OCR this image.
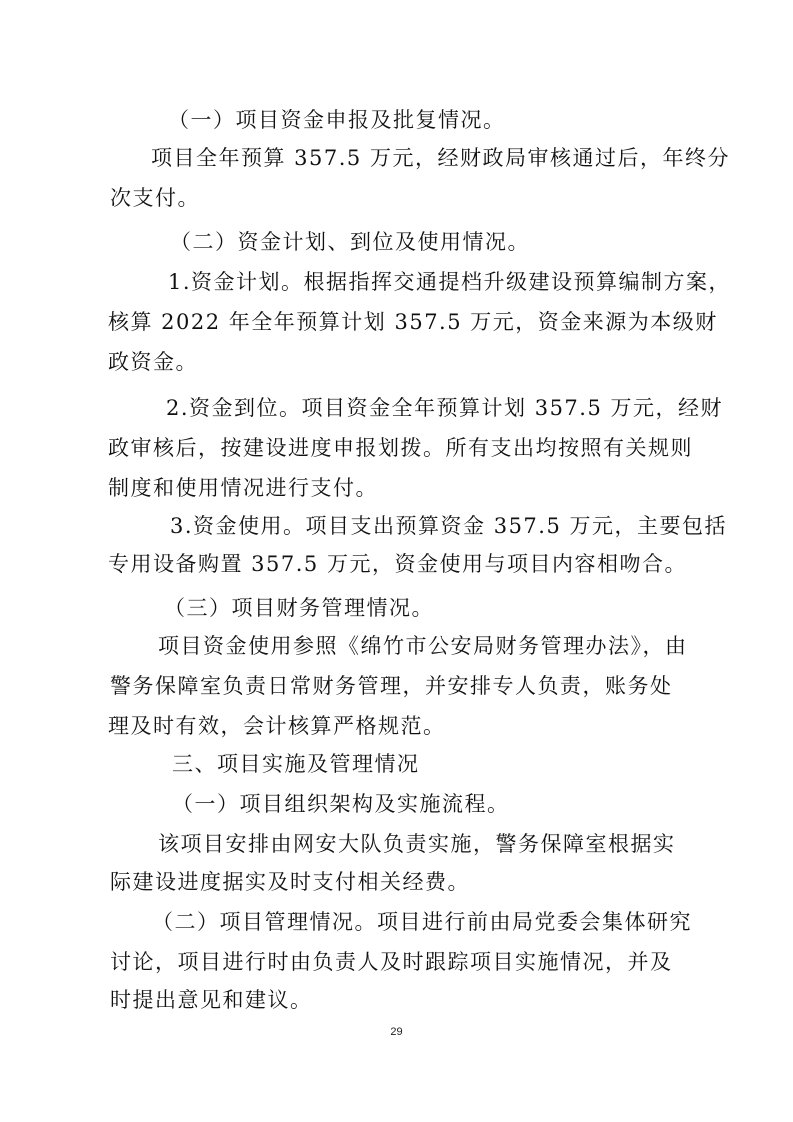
（一）项目资金申报及批复情况。
项目全年预算 357.5 万元，经财政局审核通过后，年终分
次支付。
（二）资金计划、到位及使用情况。
1.资金计划。根据指挥交通提档升级建设预算编制方案，
核算 2022 年全年预算计划 357.5 万元，资金来源为本级财
政资金。
2.资金到位。项目资金全年预算计划 357.5 万元，经财
政审核后，按建设进度申报划拨。所有支出均按照有关规则
制度和使用情况进行支付。
3.资金使用。项目支出预算资金 357.5 万元，主要包括
专用设备购置 357.5 万元，资金使用与项目内容相吻合。
（三）项目财务管理情况。
项目资金使用参照《绵竹市公安局财务管理办法》，由
警务保障室负责日常财务管理，并安排专人负责，账务处
理及时有效，会计核算严格规范。
三、项目实施及管理情况
（一）项目组织架构及实施流程。
该项目安排由网安大队负责实施，警务保障室根据实
际建设进度据实及时支付相关经费。
（二）项目管理情况。项目进行前由局党委会集体研究
讨论，项目进行时由负责人及时跟踪项目实施情况，并及
时提出意见和建议。
29
